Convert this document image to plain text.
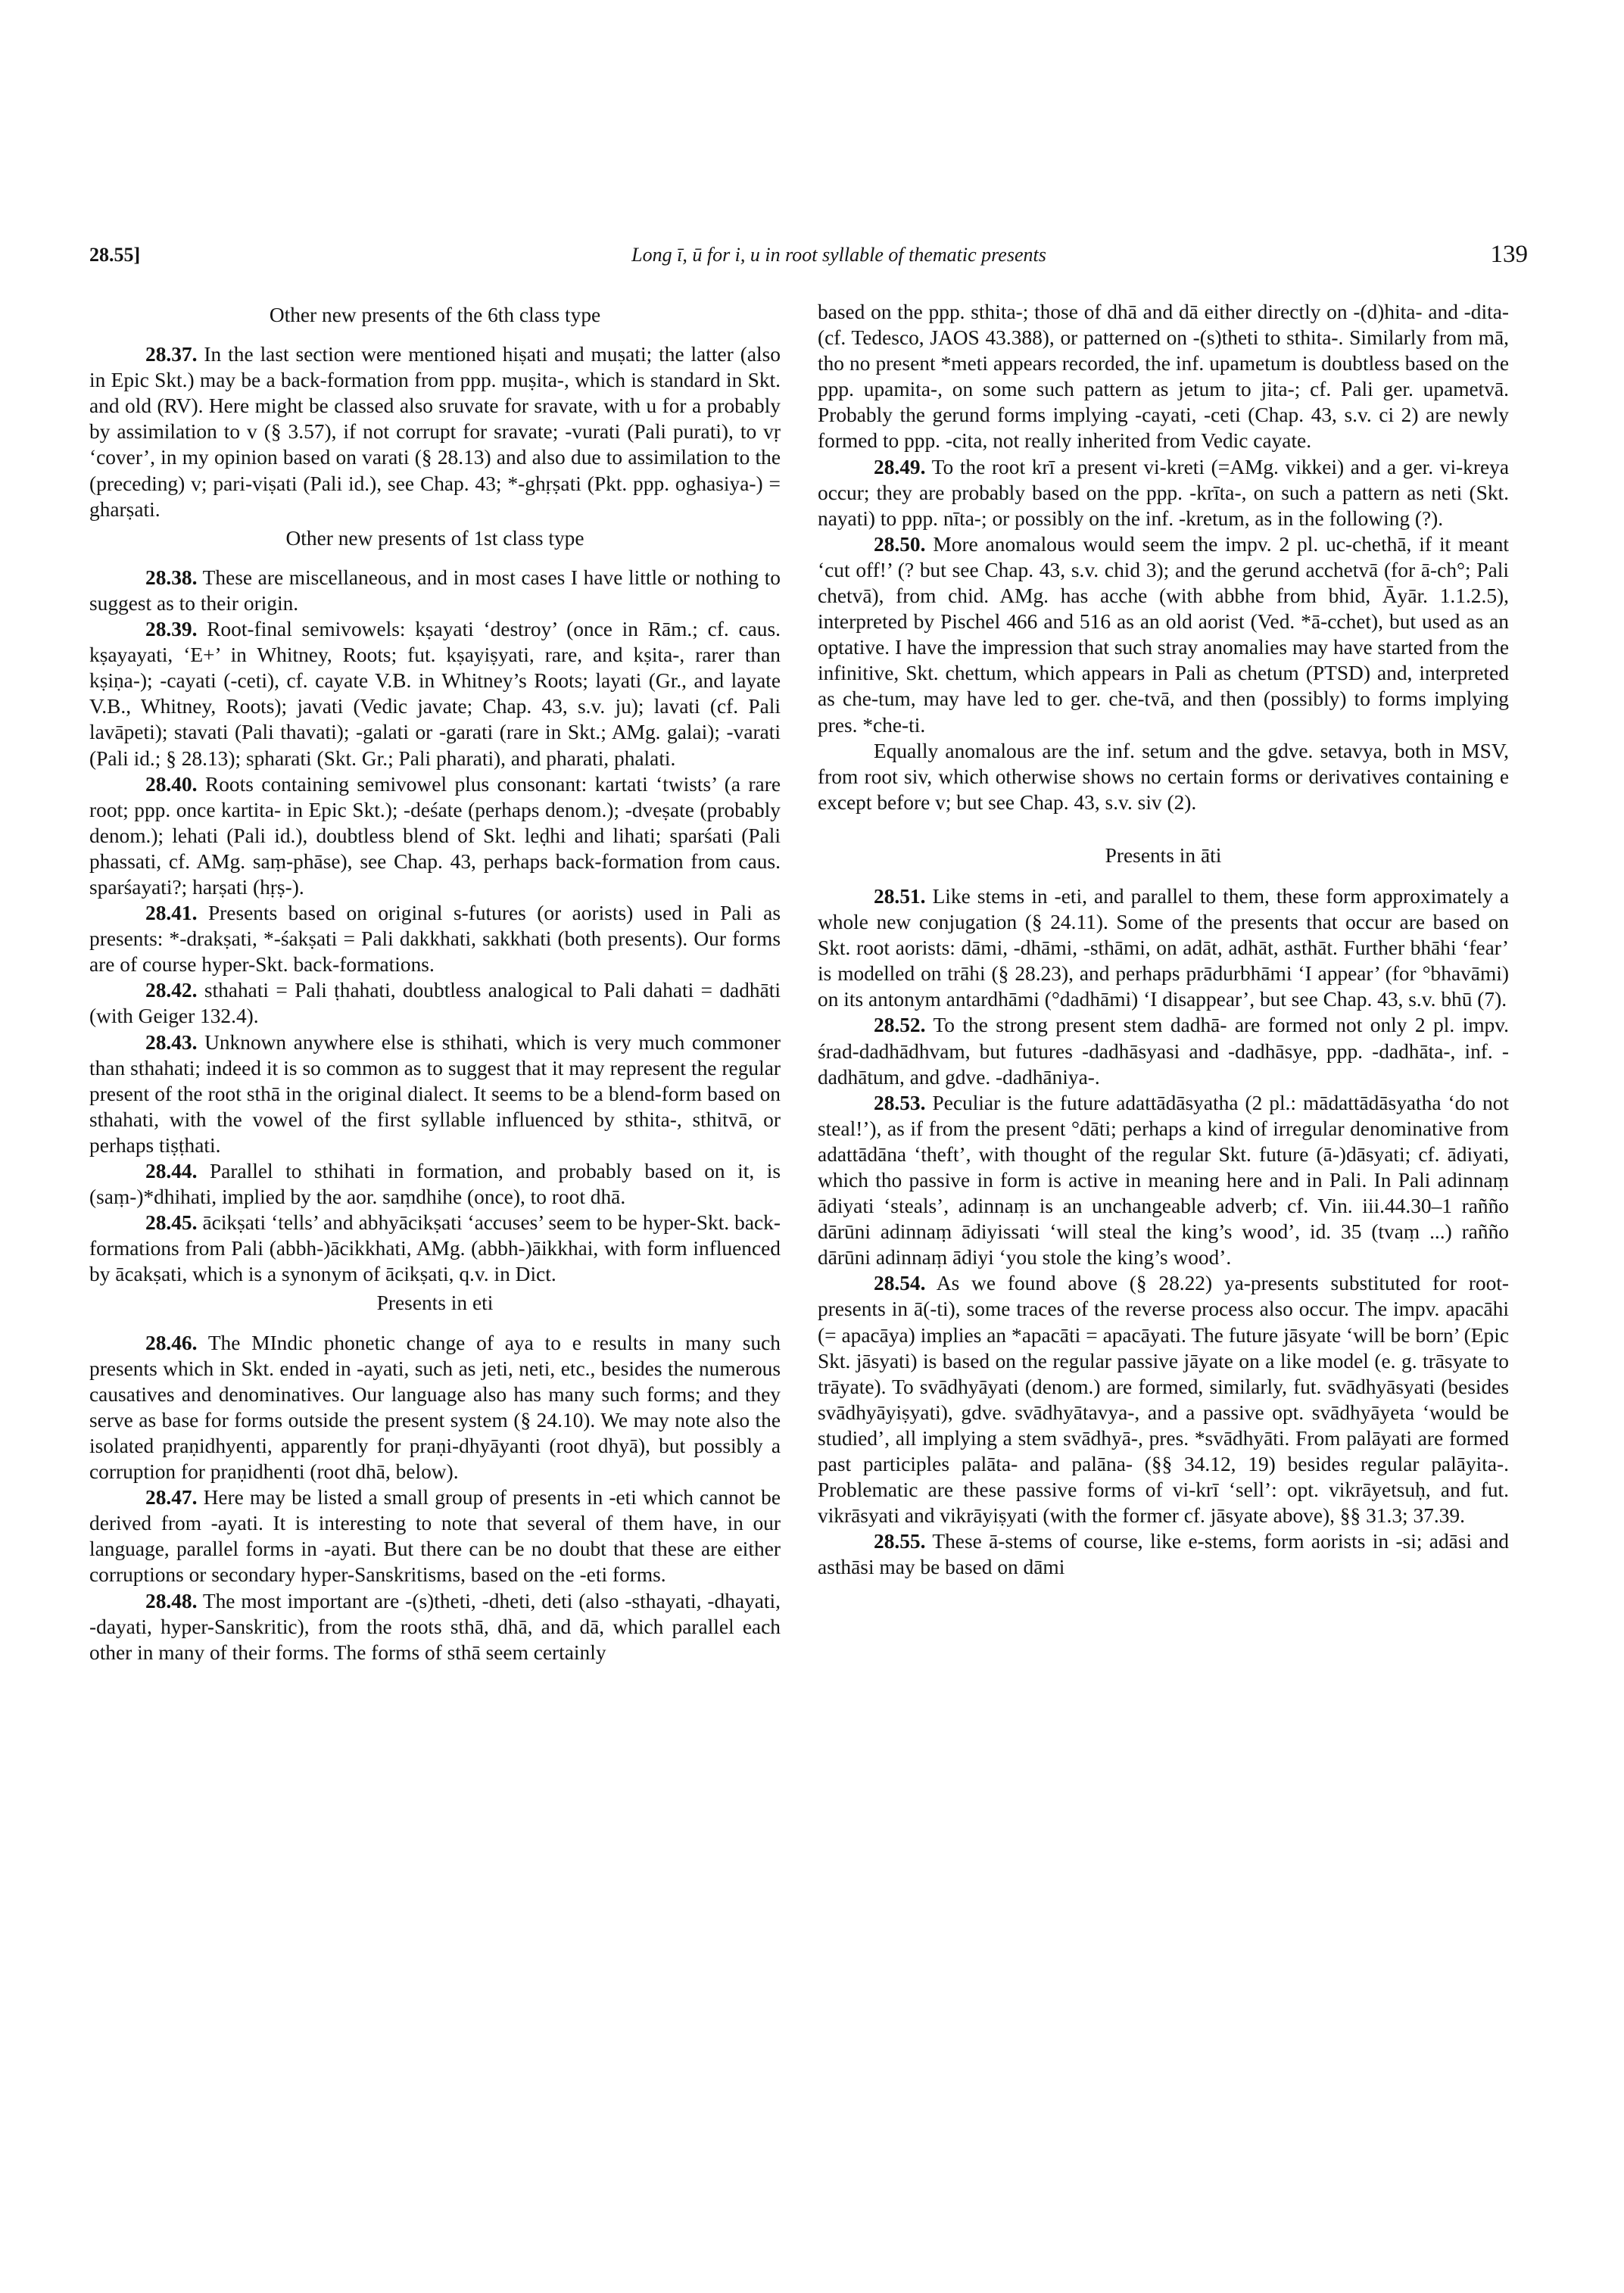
28.55]	Long ī, ū for i, u in root syllable of thematic presents	139

Other new presents of the 6th class type

28.37. In the last section were mentioned hiṣati and muṣati; the latter (also in Epic Skt.) may be a back-formation from ppp. muṣita-, which is standard in Skt. and old (RV). Here might be classed also sruvate for sravate, with u for a probably by assimilation to v (§ 3.57), if not corrupt for sravate; -vurati (Pali purati), to vṛ ‘cover’, in my opinion based on varati (§ 28.13) and also due to assimilation to the (preceding) v; pari-viṣati (Pali id.), see Chap. 43; *-ghṛṣati (Pkt. ppp. oghasiya-) = gharṣati.

Other new presents of 1st class type

28.38. These are miscellaneous, and in most cases I have little or nothing to suggest as to their origin.

28.39. Root-final semivowels: kṣayati ‘destroy’ (once in Rām.; cf. caus. kṣayayati, ‘E+’ in Whitney, Roots; fut. kṣayiṣyati, rare, and kṣita-, rarer than kṣiṇa-); -cayati (-ceti), cf. cayate V.B. in Whitney’s Roots; layati (Gr., and layate V.B., Whitney, Roots); javati (Vedic javate; Chap. 43, s.v. ju); lavati (cf. Pali lavāpeti); stavati (Pali thavati); -galati or -garati (rare in Skt.; AMg. galai); -varati (Pali id.; § 28.13); spharati (Skt. Gr.; Pali pharati), and pharati, phalati.

28.40. Roots containing semivowel plus consonant: kartati ‘twists’ (a rare root; ppp. once kartita- in Epic Skt.); -deśate (perhaps denom.); -dveṣate (probably denom.); lehati (Pali id.), doubtless blend of Skt. leḍhi and lihati; sparśati (Pali phassati, cf. AMg. saṃ-phāse), see Chap. 43, perhaps back-formation from caus. sparśayati?; harṣati (hṛṣ-).

28.41. Presents based on original s-futures (or aorists) used in Pali as presents: *-drakṣati, *-śakṣati = Pali dakkhati, sakkhati (both presents). Our forms are of course hyper-Skt. back-formations.

28.42. sthahati = Pali ṭhahati, doubtless analogical to Pali dahati = dadhāti (with Geiger 132.4).

28.43. Unknown anywhere else is sthihati, which is very much commoner than sthahati; indeed it is so common as to suggest that it may represent the regular present of the root sthā in the original dialect. It seems to be a blend-form based on sthahati, with the vowel of the first syllable influenced by sthita-, sthitvā, or perhaps tiṣṭhati.

28.44. Parallel to sthihati in formation, and probably based on it, is (saṃ-)*dhihati, implied by the aor. saṃdhihe (once), to root dhā.

28.45. ācikṣati ‘tells’ and abhyācikṣati ‘accuses’ seem to be hyper-Skt. back-formations from Pali (abbh-)ācikkhati, AMg. (abbh-)āikkhai, with form influenced by ācakṣati, which is a synonym of ācikṣati, q.v. in Dict.

Presents in eti

28.46. The MIndic phonetic change of aya to e results in many such presents which in Skt. ended in -ayati, such as jeti, neti, etc., besides the numerous causatives and denominatives. Our language also has many such forms; and they serve as base for forms outside the present system (§ 24.10). We may note also the isolated praṇidhyenti, apparently for praṇi-dhyāyanti (root dhyā), but possibly a corruption for praṇidhenti (root dhā, below).

28.47. Here may be listed a small group of presents in -eti which cannot be derived from -ayati. It is interesting to note that several of them have, in our language, parallel forms in -ayati. But there can be no doubt that these are either corruptions or secondary hyper-Sanskritisms, based on the -eti forms.

28.48. The most important are -(s)theti, -dheti, deti (also -sthayati, -dhayati, -dayati, hyper-Sanskritic), from the roots sthā, dhā, and dā, which parallel each other in many of their forms. The forms of sthā seem certainly

based on the ppp. sthita-; those of dhā and dā either directly on -(d)hita- and -dita- (cf. Tedesco, JAOS 43.388), or patterned on -(s)theti to sthita-. Similarly from mā, tho no present *meti appears recorded, the inf. upametum is doubtless based on the ppp. upamita-, on some such pattern as jetum to jita-; cf. Pali ger. upametvā. Probably the gerund forms implying -cayati, -ceti (Chap. 43, s.v. ci 2) are newly formed to ppp. -cita, not really inherited from Vedic cayate.

28.49. To the root krī a present vi-kreti (=AMg. vikkei) and a ger. vi-kreya occur; they are probably based on the ppp. -krīta-, on such a pattern as neti (Skt. nayati) to ppp. nīta-; or possibly on the inf. -kretum, as in the following (?).

28.50. More anomalous would seem the impv. 2 pl. uc-chethā, if it meant ‘cut off!’ (? but see Chap. 43, s.v. chid 3); and the gerund acchetvā (for ā-ch°; Pali chetvā), from chid. AMg. has acche (with abbhe from bhid, Āyār. 1.1.2.5), interpreted by Pischel 466 and 516 as an old aorist (Ved. *ā-cchet), but used as an optative. I have the impression that such stray anomalies may have started from the infinitive, Skt. chettum, which appears in Pali as chetum (PTSD) and, interpreted as che-tum, may have led to ger. che-tvā, and then (possibly) to forms implying pres. *che-ti.

Equally anomalous are the inf. setum and the gdve. setavya, both in MSV, from root siv, which otherwise shows no certain forms or derivatives containing e except before v; but see Chap. 43, s.v. siv (2).

Presents in āti

28.51. Like stems in -eti, and parallel to them, these form approximately a whole new conjugation (§ 24.11). Some of the presents that occur are based on Skt. root aorists: dāmi, -dhāmi, -sthāmi, on adāt, adhāt, asthāt. Further bhāhi ‘fear’ is modelled on trāhi (§ 28.23), and perhaps prādurbhāmi ‘I appear’ (for °bhavāmi) on its antonym antardhāmi (°dadhāmi) ‘I disappear’, but see Chap. 43, s.v. bhū (7).

28.52. To the strong present stem dadhā- are formed not only 2 pl. impv. śrad-dadhādhvam, but futures -dadhāsyasi and -dadhāsye, ppp. -dadhāta-, inf. -dadhātum, and gdve. -dadhāniya-.

28.53. Peculiar is the future adattādāsyatha (2 pl.: mādattādāsyatha ‘do not steal!’), as if from the present °dāti; perhaps a kind of irregular denominative from adattādāna ‘theft’, with thought of the regular Skt. future (ā-)dāsyati; cf. ādiyati, which tho passive in form is active in meaning here and in Pali. In Pali adinnaṃ ādiyati ‘steals’, adinnaṃ is an unchangeable adverb; cf. Vin. iii.44.30–1 rañño dārūni adinnaṃ ādiyissati ‘will steal the king’s wood’, id. 35 (tvaṃ ...) rañño dārūni adinnaṃ ādiyi ‘you stole the king’s wood’.

28.54. As we found above (§ 28.22) ya-presents substituted for root-presents in ā(-ti), some traces of the reverse process also occur. The impv. apacāhi (= apacāya) implies an *apacāti = apacāyati. The future jāsyate ‘will be born’ (Epic Skt. jāsyati) is based on the regular passive jāyate on a like model (e. g. trāsyate to trāyate). To svādhyāyati (denom.) are formed, similarly, fut. svādhyāsyati (besides svādhyāyiṣyati), gdve. svādhyātavya-, and a passive opt. svādhyāyeta ‘would be studied’, all implying a stem svādhyā-, pres. *svādhyāti. From palāyati are formed past participles palāta- and palāna- (§§ 34.12, 19) besides regular palāyita-. Problematic are these passive forms of vi-krī ‘sell’: opt. vikrāyetsuḥ, and fut. vikrāsyati and vikrāyiṣyati (with the former cf. jāsyate above), §§ 31.3; 37.39.

28.55. These ā-stems of course, like e-stems, form aorists in -si; adāsi and asthāsi may be based on dāmi
